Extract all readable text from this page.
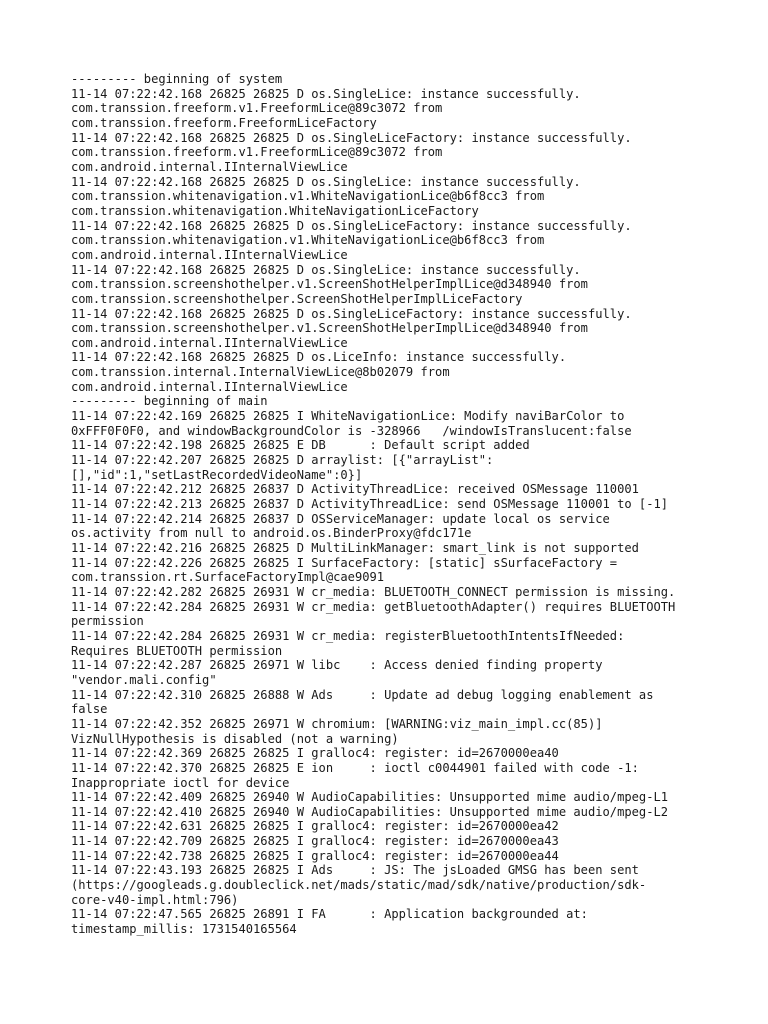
--------- beginning of system
11-14 07:22:42.168 26825 26825 D os.SingleLice: instance successfully.
com.transsion.freeform.v1.FreeformLice@89c3072 from
com.transsion.freeform.FreeformLiceFactory
11-14 07:22:42.168 26825 26825 D os.SingleLiceFactory: instance successfully.
com.transsion.freeform.v1.FreeformLice@89c3072 from
com.android.internal.IInternalViewLice
11-14 07:22:42.168 26825 26825 D os.SingleLice: instance successfully.
com.transsion.whitenavigation.v1.WhiteNavigationLice@b6f8cc3 from
com.transsion.whitenavigation.WhiteNavigationLiceFactory
11-14 07:22:42.168 26825 26825 D os.SingleLiceFactory: instance successfully.
com.transsion.whitenavigation.v1.WhiteNavigationLice@b6f8cc3 from
com.android.internal.IInternalViewLice
11-14 07:22:42.168 26825 26825 D os.SingleLice: instance successfully.
com.transsion.screenshothelper.v1.ScreenShotHelperImplLice@d348940 from
com.transsion.screenshothelper.ScreenShotHelperImplLiceFactory
11-14 07:22:42.168 26825 26825 D os.SingleLiceFactory: instance successfully.
com.transsion.screenshothelper.v1.ScreenShotHelperImplLice@d348940 from
com.android.internal.IInternalViewLice
11-14 07:22:42.168 26825 26825 D os.LiceInfo: instance successfully.
com.transsion.internal.InternalViewLice@8b02079 from
com.android.internal.IInternalViewLice
--------- beginning of main
11-14 07:22:42.169 26825 26825 I WhiteNavigationLice: Modify naviBarColor to
0xFFF0F0F0, and windowBackgroundColor is -328966   /windowIsTranslucent:false
11-14 07:22:42.198 26825 26825 E DB      : Default script added
11-14 07:22:42.207 26825 26825 D arraylist: [{"arrayList":
[],"id":1,"setLastRecordedVideoName":0}]
11-14 07:22:42.212 26825 26837 D ActivityThreadLice: received OSMessage 110001
11-14 07:22:42.213 26825 26837 D ActivityThreadLice: send OSMessage 110001 to [-1]
11-14 07:22:42.214 26825 26837 D OSServiceManager: update local os service
os.activity from null to android.os.BinderProxy@fdc171e
11-14 07:22:42.216 26825 26825 D MultiLinkManager: smart_link is not supported
11-14 07:22:42.226 26825 26825 I SurfaceFactory: [static] sSurfaceFactory =
com.transsion.rt.SurfaceFactoryImpl@cae9091
11-14 07:22:42.282 26825 26931 W cr_media: BLUETOOTH_CONNECT permission is missing.
11-14 07:22:42.284 26825 26931 W cr_media: getBluetoothAdapter() requires BLUETOOTH
permission
11-14 07:22:42.284 26825 26931 W cr_media: registerBluetoothIntentsIfNeeded:
Requires BLUETOOTH permission
11-14 07:22:42.287 26825 26971 W libc    : Access denied finding property
"vendor.mali.config"
11-14 07:22:42.310 26825 26888 W Ads     : Update ad debug logging enablement as
false
11-14 07:22:42.352 26825 26971 W chromium: [WARNING:viz_main_impl.cc(85)]
VizNullHypothesis is disabled (not a warning)
11-14 07:22:42.369 26825 26825 I gralloc4: register: id=2670000ea40
11-14 07:22:42.370 26825 26825 E ion     : ioctl c0044901 failed with code -1:
Inappropriate ioctl for device
11-14 07:22:42.409 26825 26940 W AudioCapabilities: Unsupported mime audio/mpeg-L1
11-14 07:22:42.410 26825 26940 W AudioCapabilities: Unsupported mime audio/mpeg-L2
11-14 07:22:42.631 26825 26825 I gralloc4: register: id=2670000ea42
11-14 07:22:42.709 26825 26825 I gralloc4: register: id=2670000ea43
11-14 07:22:42.738 26825 26825 I gralloc4: register: id=2670000ea44
11-14 07:22:43.193 26825 26825 I Ads     : JS: The jsLoaded GMSG has been sent
(https://googleads.g.doubleclick.net/mads/static/mad/sdk/native/production/sdk-
core-v40-impl.html:796)
11-14 07:22:47.565 26825 26891 I FA      : Application backgrounded at:
timestamp_millis: 1731540165564
